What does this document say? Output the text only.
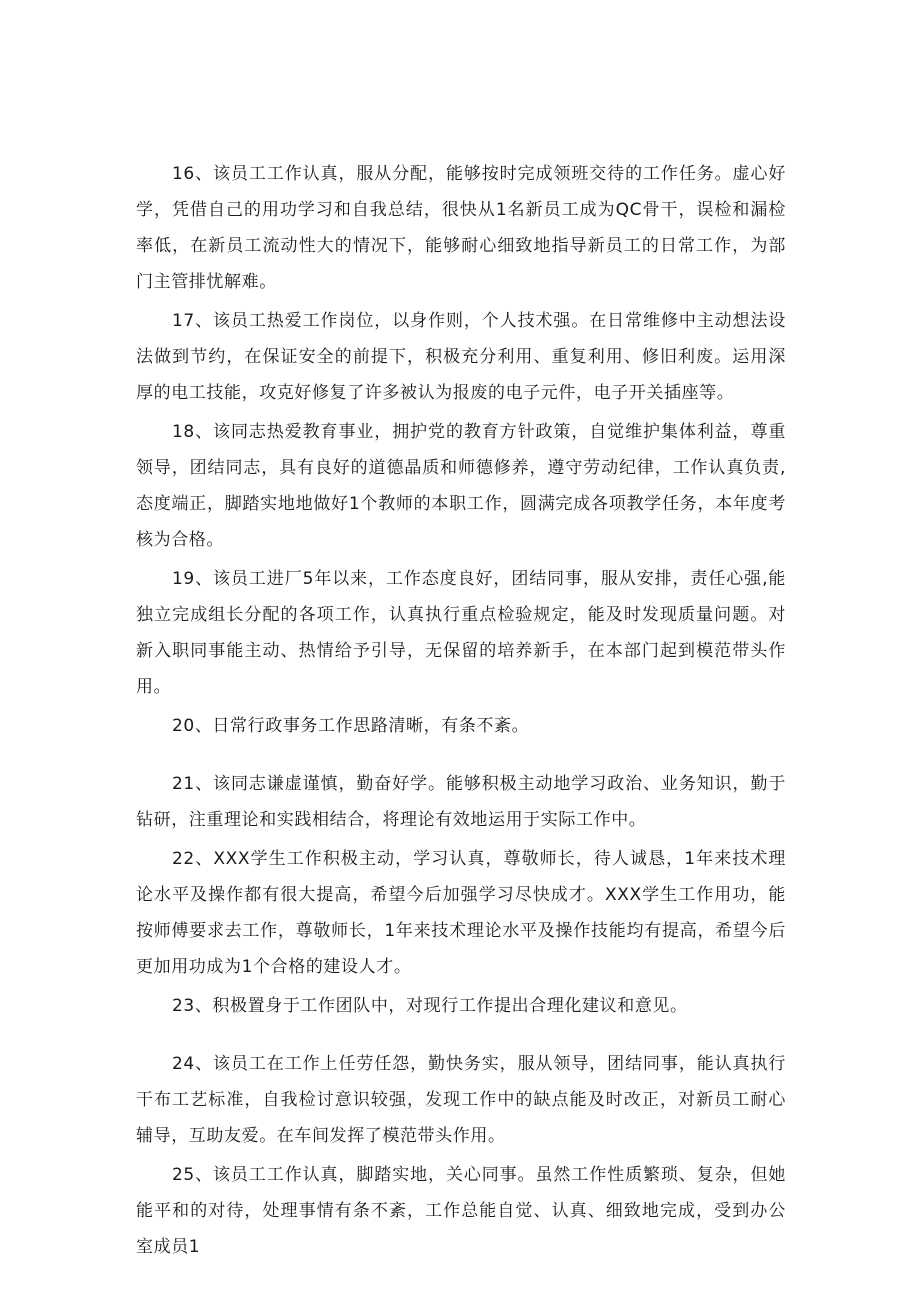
16、该员工工作认真，服从分配，能够按时完成领班交待的工作任务。虚心好学，凭借自己的用功学习和自我总结，很快从1名新员工成为QC骨干，误检和漏检率低，在新员工流动性大的情况下，能够耐心细致地指导新员工的日常工作，为部门主管排忧解难。

17、该员工热爱工作岗位，以身作则，个人技术强。在日常维修中主动想法设法做到节约，在保证安全的前提下，积极充分利用、重复利用、修旧利废。运用深厚的电工技能，攻克好修复了许多被认为报废的电子元件，电子开关插座等。

18、该同志热爱教育事业，拥护党的教育方针政策，自觉维护集体利益，尊重领导，团结同志，具有良好的道德晶质和师德修养，遵守劳动纪律，工作认真负责,态度端正，脚踏实地地做好1个教师的本职工作，圆满完成各项教学任务，本年度考核为合格。

19、该员工进厂5年以来，工作态度良好，团结同事，服从安排，责任心强,能独立完成组长分配的各项工作，认真执行重点检验规定，能及时发现质量问题。对新入职同事能主动、热情给予引导，无保留的培养新手，在本部门起到模范带头作用。

20、日常行政事务工作思路清晰，有条不紊。

21、该同志谦虚谨慎，勤奋好学。能够积极主动地学习政治、业务知识，勤于钻研，注重理论和实践相结合，将理论有效地运用于实际工作中。

22、XXX学生工作积极主动，学习认真，尊敬师长，待人诚恳，1年来技术理论水平及操作都有很大提高，希望今后加强学习尽快成才。XXX学生工作用功，能按师傅要求去工作，尊敬师长，1年来技术理论水平及操作技能均有提高，希望今后更加用功成为1个合格的建设人才。

23、积极置身于工作团队中，对现行工作提出合理化建议和意见。

24、该员工在工作上任劳任怨，勤快务实，服从领导，团结同事，能认真执行干布工艺标准，自我检讨意识较强，发现工作中的缺点能及时改正，对新员工耐心辅导，互助友爱。在车间发挥了模范带头作用。

25、该员工工作认真，脚踏实地，关心同事。虽然工作性质繁琐、复杂，但她能平和的对待，处理事情有条不紊，工作总能自觉、认真、细致地完成，受到办公室成员1
